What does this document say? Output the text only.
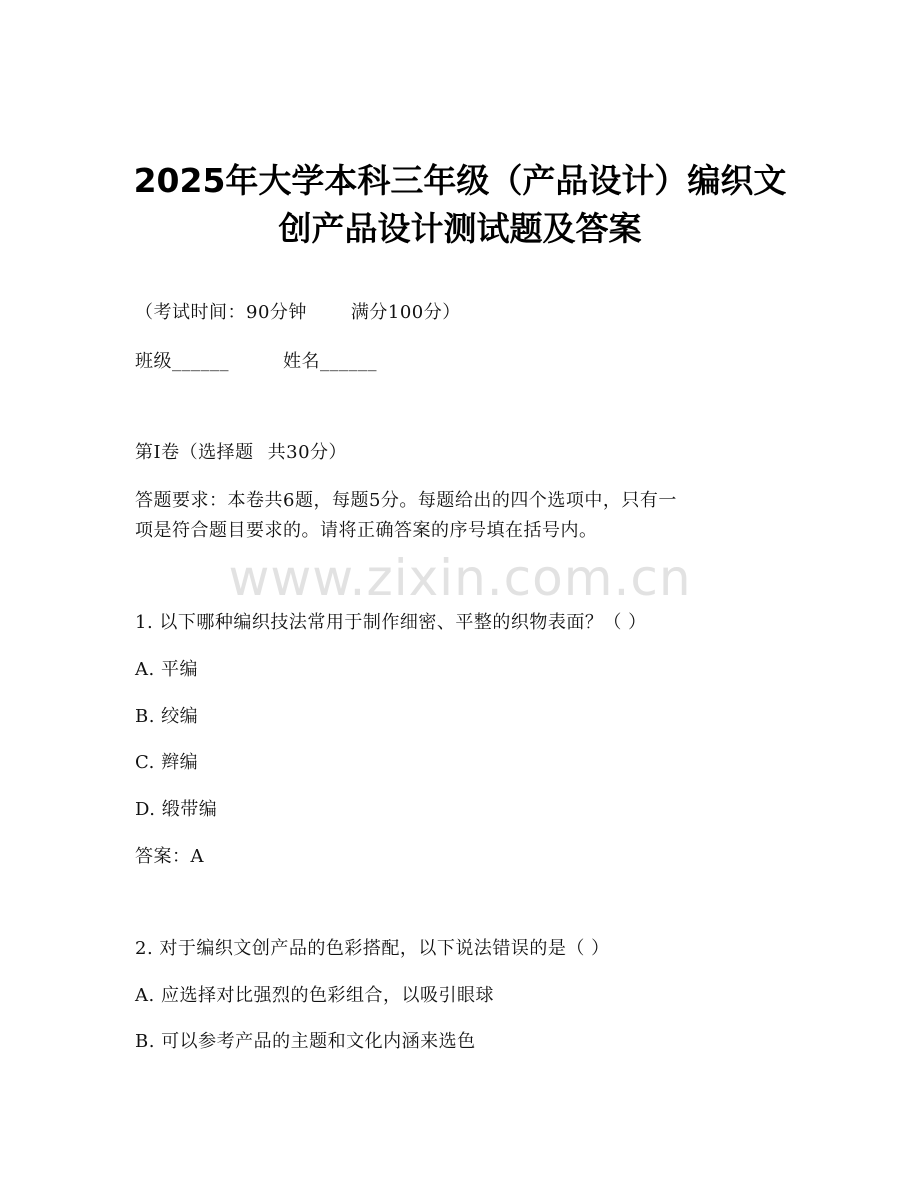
2025年大学本科三年级（产品设计）编织文
创产品设计测试题及答案
（考试时间：90分钟 满分100分）
班级______	姓名______
第Ⅰ卷（选择题 共30分）
答题要求：本卷共6题，每题5分。每题给出的四个选项中，只有一
项是符合题目要求的。请将正确答案的序号填在括号内。
www.zixin.com.cn
1. 以下哪种编织技法常用于制作细密、平整的织物表面？（ ）
A. 平编
B. 绞编
C. 辫编
D. 缎带编
答案：A
2. 对于编织文创产品的色彩搭配，以下说法错误的是（ ）
A. 应选择对比强烈的色彩组合，以吸引眼球
B. 可以参考产品的主题和文化内涵来选色
